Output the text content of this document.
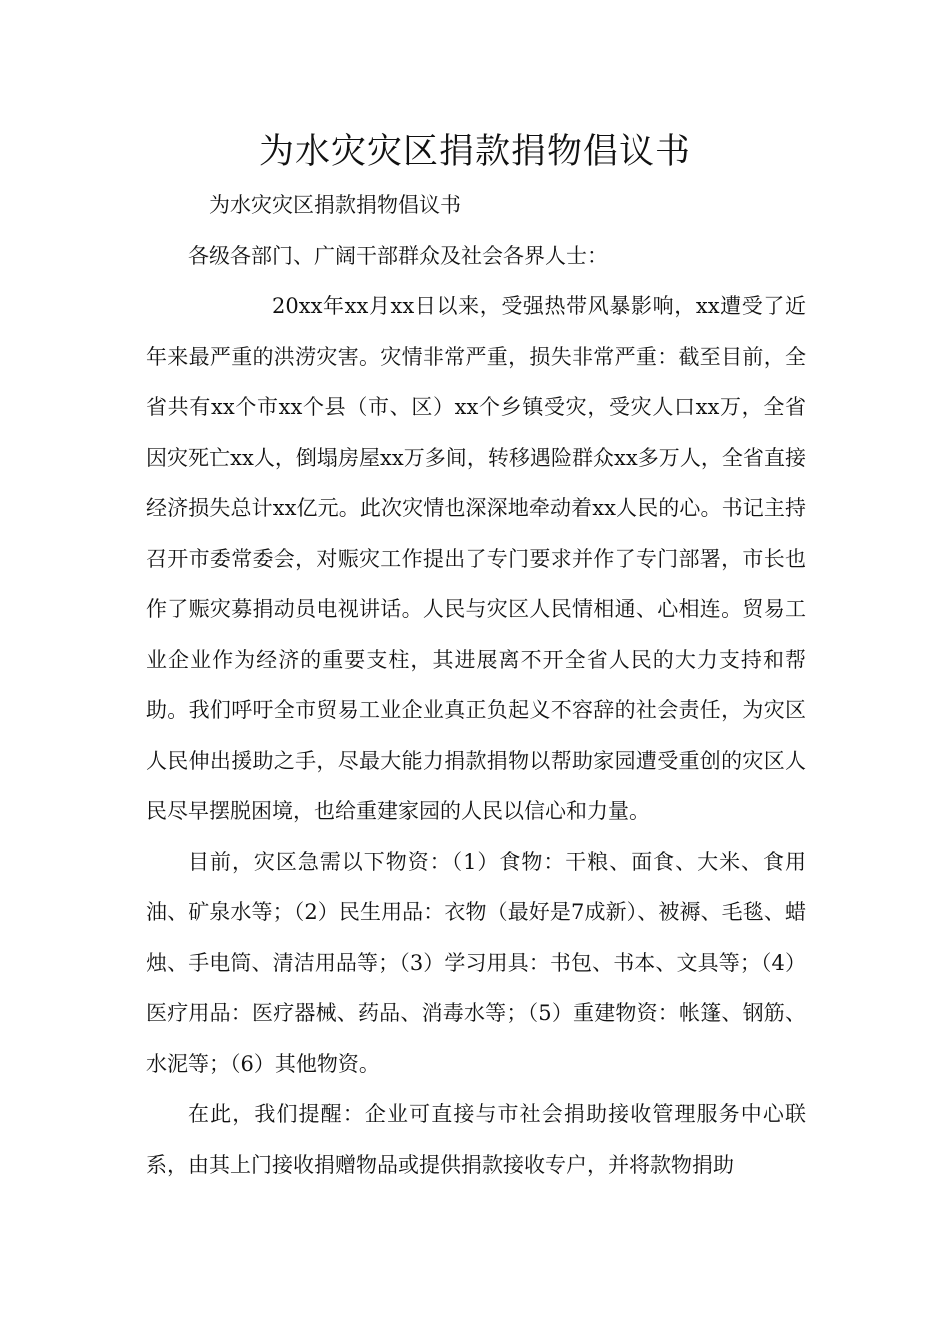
为水灾灾区捐款捐物倡议书

为水灾灾区捐款捐物倡议书

各级各部门、广阔干部群众及社会各界人士：

20xx年xx月xx日以来，受强热带风暴影响，xx遭受了近年来最严重的洪涝灾害。灾情非常严重，损失非常严重：截至目前，全省共有xx个市xx个县（市、区）xx个乡镇受灾，受灾人口xx万，全省因灾死亡xx人，倒塌房屋xx万多间，转移遇险群众xx多万人，全省直接经济损失总计xx亿元。此次灾情也深深地牵动着xx人民的心。书记主持召开市委常委会，对赈灾工作提出了专门要求并作了专门部署，市长也作了赈灾募捐动员电视讲话。人民与灾区人民情相通、心相连。贸易工业企业作为经济的重要支柱，其进展离不开全省人民的大力支持和帮助。我们呼吁全市贸易工业企业真正负起义不容辞的社会责任，为灾区人民伸出援助之手，尽最大能力捐款捐物以帮助家园遭受重创的灾区人民尽早摆脱困境，也给重建家园的人民以信心和力量。

目前，灾区急需以下物资：（1）食物：干粮、面食、大米、食用油、矿泉水等；（2）民生用品：衣物（最好是7成新）、被褥、毛毯、蜡烛、手电筒、清洁用品等；（3）学习用具：书包、书本、文具等；（4）医疗用品：医疗器械、药品、消毒水等；（5）重建物资：帐篷、钢筋、水泥等；（6）其他物资。

在此，我们提醒：企业可直接与市社会捐助接收管理服务中心联系，由其上门接收捐赠物品或提供捐款接收专户，并将款物捐助
